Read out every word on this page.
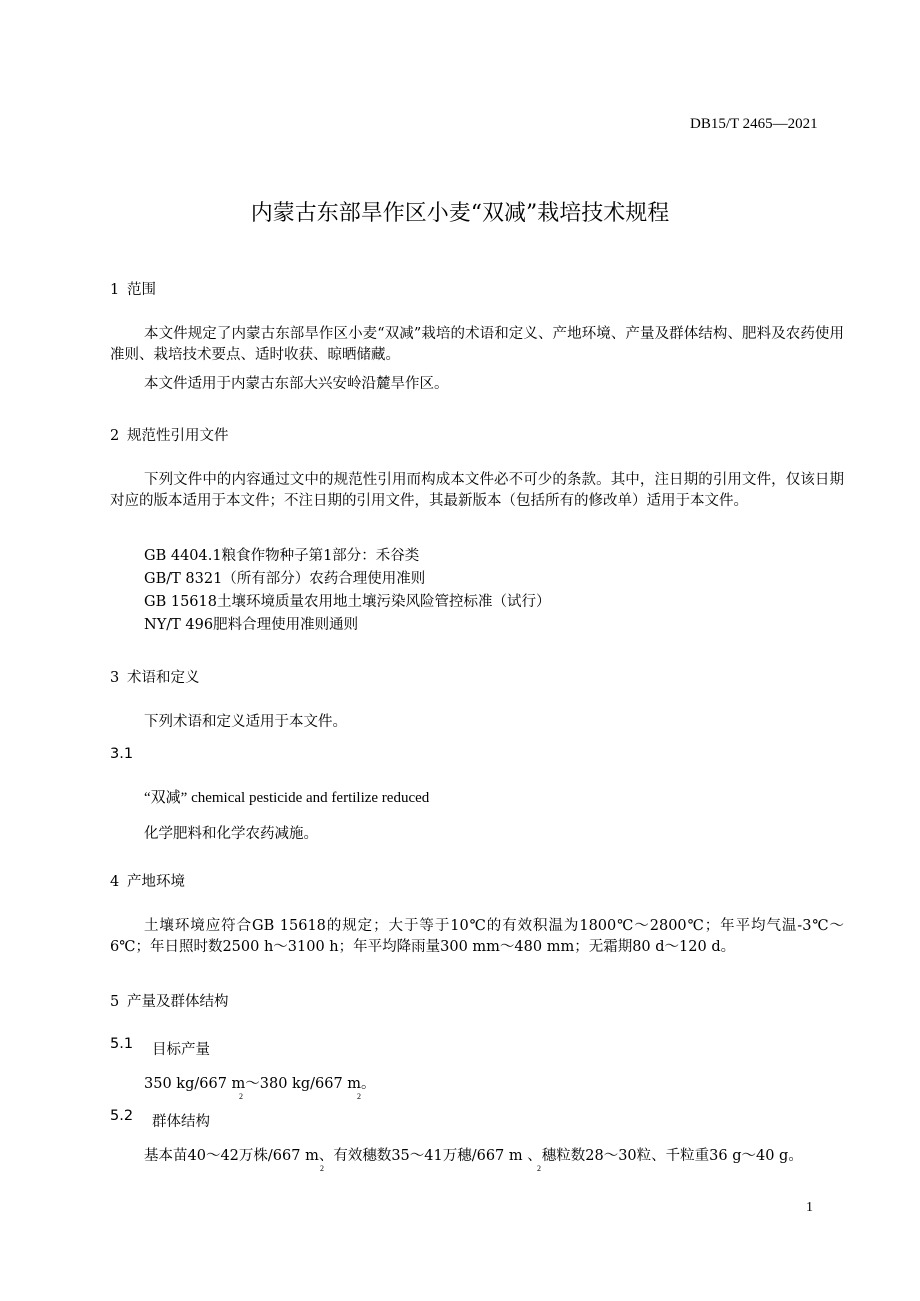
DB15/T 2465—2021
内蒙古东部旱作区小麦“双减”栽培技术规程
1 范围
本文件规定了内蒙古东部旱作区小麦“双减”栽培的术语和定义、产地环境、产量及群体结构、肥料及农药使用准则、栽培技术要点、适时收获、晾晒储藏。
本文件适用于内蒙古东部大兴安岭沿麓旱作区。
2 规范性引用文件
下列文件中的内容通过文中的规范性引用而构成本文件必不可少的条款。其中，注日期的引用文件，仅该日期对应的版本适用于本文件；不注日期的引用文件，其最新版本（包括所有的修改单）适用于本文件。
GB 4404.1粮食作物种子第1部分：禾谷类
GB/T 8321（所有部分）农药合理使用准则
GB 15618土壤环境质量农用地土壤污染风险管控标准（试行）
NY/T 496肥料合理使用准则通则
3 术语和定义
下列术语和定义适用于本文件。
3.1
“双减” chemical pesticide and fertilize reduced
化学肥料和化学农药减施。
4 产地环境
土壤环境应符合GB 15618的规定；大于等于10℃的有效积温为1800℃～2800℃；年平均气温-3℃～6℃；年日照时数2500 h～3100 h；年平均降雨量300 mm～480 mm；无霜期80 d～120 d。
5 产量及群体结构
5.1 目标产量
350 kg/667 m～380 kg/667 m。
2	2
5.2 群体结构
基本苗40～42万株/667 m、有效穗数35～41万穗/667 m 、穗粒数28～30粒、千粒重36 g～40 g。
2	2
1
